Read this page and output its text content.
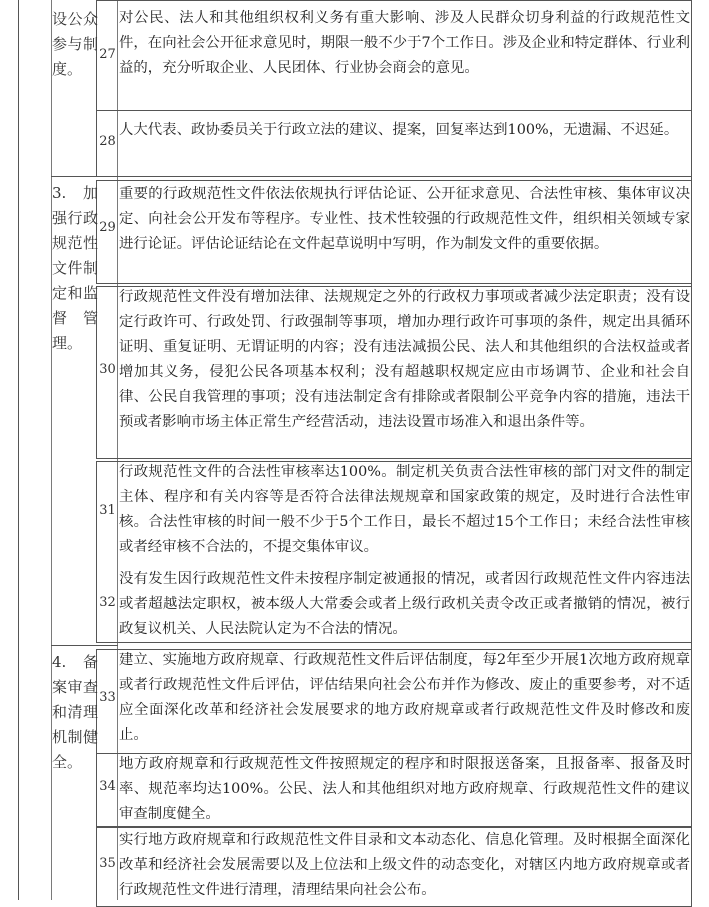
设公众参与制度。
3. 加强行政规范性文件制定和监督管理。
4. 备案审查和清理机制健全。
27
28
29
30
31
32
33
34
35
对公民、法人和其他组织权利义务有重大影响、涉及人民群众切身利益的行政规范性文件，在向社会公开征求意见时，期限一般不少于7个工作日。涉及企业和特定群体、行业利益的，充分听取企业、人民团体、行业协会商会的意见。
人大代表、政协委员关于行政立法的建议、提案，回复率达到100%，无遗漏、不迟延。
重要的行政规范性文件依法依规执行评估论证、公开征求意见、合法性审核、集体审议决定、向社会公开发布等程序。专业性、技术性较强的行政规范性文件，组织相关领域专家进行论证。评估论证结论在文件起草说明中写明，作为制发文件的重要依据。
行政规范性文件没有增加法律、法规规定之外的行政权力事项或者减少法定职责；没有设定行政许可、行政处罚、行政强制等事项，增加办理行政许可事项的条件，规定出具循环证明、重复证明、无谓证明的内容；没有违法减损公民、法人和其他组织的合法权益或者增加其义务，侵犯公民各项基本权利；没有超越职权规定应由市场调节、企业和社会自律、公民自我管理的事项；没有违法制定含有排除或者限制公平竞争内容的措施，违法干预或者影响市场主体正常生产经营活动，违法设置市场准入和退出条件等。
行政规范性文件的合法性审核率达100%。制定机关负责合法性审核的部门对文件的制定主体、程序和有关内容等是否符合法律法规规章和国家政策的规定，及时进行合法性审核。合法性审核的时间一般不少于5个工作日，最长不超过15个工作日；未经合法性审核或者经审核不合法的，不提交集体审议。
没有发生因行政规范性文件未按程序制定被通报的情况，或者因行政规范性文件内容违法或者超越法定职权，被本级人大常委会或者上级行政机关责令改正或者撤销的情况，被行政复议机关、人民法院认定为不合法的情况。
建立、实施地方政府规章、行政规范性文件后评估制度，每2年至少开展1次地方政府规章或者行政规范性文件后评估，评估结果向社会公布并作为修改、废止的重要参考，对不适应全面深化改革和经济社会发展要求的地方政府规章或者行政规范性文件及时修改和废止。
地方政府规章和行政规范性文件按照规定的程序和时限报送备案，且报备率、报备及时率、规范率均达100%。公民、法人和其他组织对地方政府规章、行政规范性文件的建议审查制度健全。
实行地方政府规章和行政规范性文件目录和文本动态化、信息化管理。及时根据全面深化改革和经济社会发展需要以及上位法和上级文件的动态变化，对辖区内地方政府规章或者行政规范性文件进行清理，清理结果向社会公布。
